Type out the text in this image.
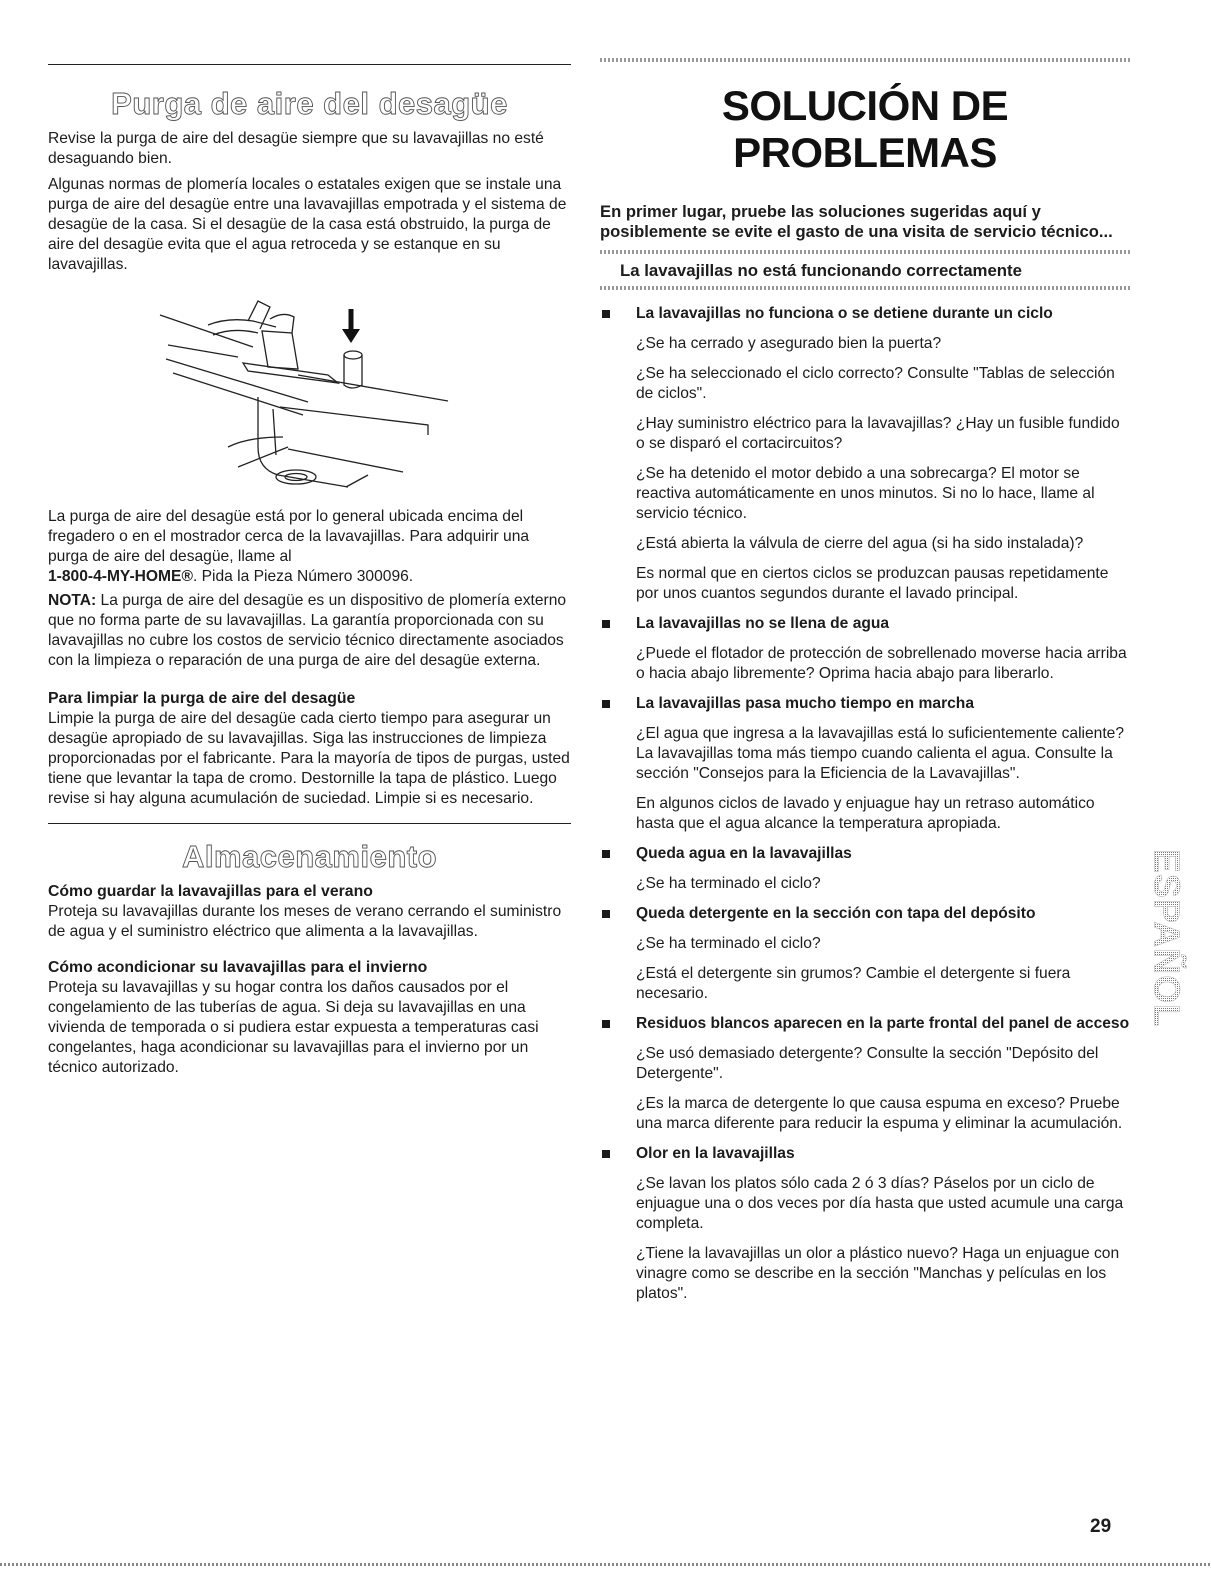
Purga de aire del desagüe

Revise la purga de aire del desagüe siempre que su lavavajillas no esté desaguando bien.

Algunas normas de plomería locales o estatales exigen que se instale una purga de aire del desagüe entre una lavavajillas empotrada y el sistema de desagüe de la casa. Si el desagüe de la casa está obstruido, la purga de aire del desagüe evita que el agua retroceda y se estanque en su lavavajillas.

La purga de aire del desagüe está por lo general ubicada encima del fregadero o en el mostrador cerca de la lavavajillas. Para adquirir una purga de aire del desagüe, llame al
1-800-4-MY-HOME®. Pida la Pieza Número 300096.

NOTA: La purga de aire del desagüe es un dispositivo de plomería externo que no forma parte de su lavavajillas. La garantía proporcionada con su lavavajillas no cubre los costos de servicio técnico directamente asociados con la limpieza o reparación de una purga de aire del desagüe externa.

Para limpiar la purga de aire del desagüe

Limpie la purga de aire del desagüe cada cierto tiempo para asegurar un desagüe apropiado de su lavavajillas. Siga las instrucciones de limpieza proporcionadas por el fabricante. Para la mayoría de tipos de purgas, usted tiene que levantar la tapa de cromo. Destornille la tapa de plástico. Luego revise si hay alguna acumulación de suciedad. Limpie si es necesario.

Almacenamiento
Cómo guardar la lavavajillas para el verano

Proteja su lavavajillas durante los meses de verano cerrando el suministro de agua y el suministro eléctrico que alimenta a la lavavajillas.

Cómo acondicionar su lavavajillas para el invierno

Proteja su lavavajillas y su hogar contra los daños causados por el congelamiento de las tuberías de agua. Si deja su lavavajillas en una vivienda de temporada o si pudiera estar expuesta a temperaturas casi congelantes, haga acondicionar su lavavajillas para el invierno por un técnico autorizado.

SOLUCIÓN DE
PROBLEMAS

En primer lugar, pruebe las soluciones sugeridas aquí y posiblemente se evite el gasto de una visita de servicio técnico...

La lavavajillas no está funcionando correctamente
La lavavajillas no funciona o se detiene durante un ciclo

¿Se ha cerrado y asegurado bien la puerta?

¿Se ha seleccionado el ciclo correcto? Consulte "Tablas de selección de ciclos".

¿Hay suministro eléctrico para la lavavajillas? ¿Hay un fusible fundido o se disparó el cortacircuitos?

¿Se ha detenido el motor debido a una sobrecarga? El motor se reactiva automáticamente en unos minutos. Si no lo hace, llame al servicio técnico.

¿Está abierta la válvula de cierre del agua (si ha sido instalada)?

Es normal que en ciertos ciclos se produzcan pausas repetidamente por unos cuantos segundos durante el lavado principal.

La lavavajillas no se llena de agua

¿Puede el flotador de protección de sobrellenado moverse hacia arriba o hacia abajo libremente? Oprima hacia abajo para liberarlo.

La lavavajillas pasa mucho tiempo en marcha

¿El agua que ingresa a la lavavajillas está lo suficientemente caliente? La lavavajillas toma más tiempo cuando calienta el agua. Consulte la sección "Consejos para la Eficiencia de la Lavavajillas".

En algunos ciclos de lavado y enjuague hay un retraso automático hasta que el agua alcance la temperatura apropiada.

Queda agua en la lavavajillas

¿Se ha terminado el ciclo?

Queda detergente en la sección con tapa del depósito

¿Se ha terminado el ciclo?

¿Está el detergente sin grumos? Cambie el detergente si fuera necesario.

Residuos blancos aparecen en la parte frontal del panel de acceso

¿Se usó demasiado detergente? Consulte la sección "Depósito del Detergente".

¿Es la marca de detergente lo que causa espuma en exceso? Pruebe una marca diferente para reducir la espuma y eliminar la acumulación.

Olor en la lavavajillas

¿Se lavan los platos sólo cada 2 ó 3 días? Páselos por un ciclo de enjuague una o dos veces por día hasta que usted acumule una carga completa.

¿Tiene la lavavajillas un olor a plástico nuevo? Haga un enjuague con vinagre como se describe en la sección "Manchas y películas en los platos".

ESPAÑOL
29
